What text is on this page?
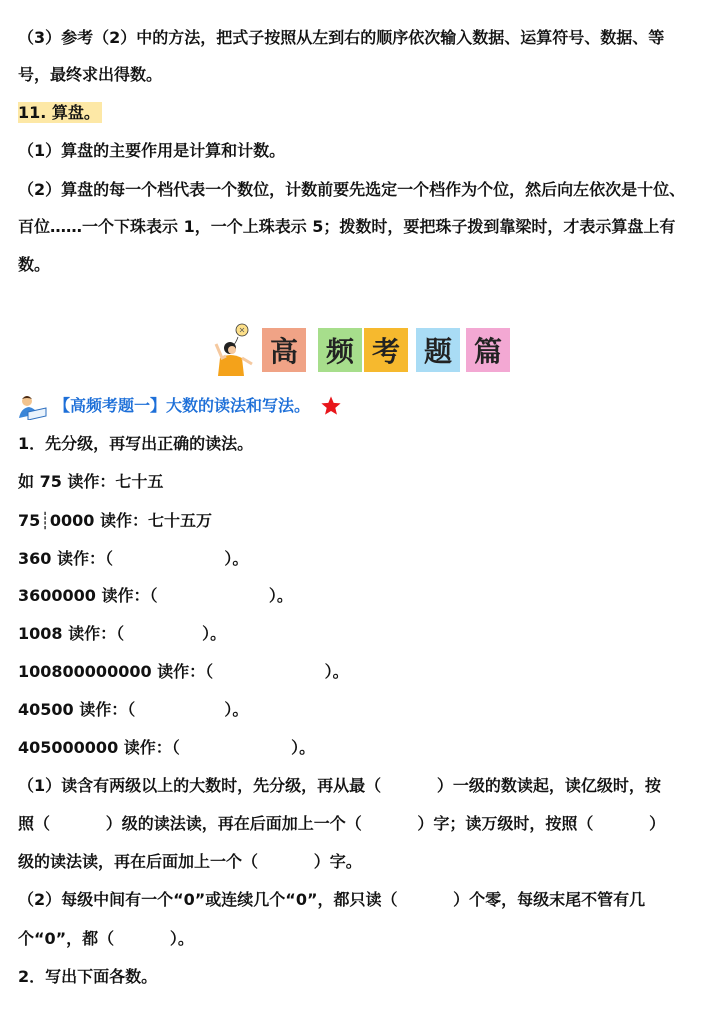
（3）参考（2）中的方法，把式子按照从左到右的顺序依次输入数据、运算符号、数据、等
号，最终求出得数。
11. 算盘。
（1）算盘的主要作用是计算和计数。
（2）算盘的每一个档代表一个数位，计数前要先选定一个档作为个位，然后向左依次是十位、
百位……一个下珠表示 1，一个上珠表示 5；拨数时，要把珠子拨到靠梁时，才表示算盘上有
数。
高 频 考 题 篇
【高频考题一】大数的读法和写法。
1．先分级，再写出正确的读法。
如 75 读作：七十五
75┊0000 读作：七十五万
360 读作：（                    ）。
3600000 读作：（                    ）。
1008 读作：（              ）。
100800000000 读作：（                    ）。
40500 读作：（                ）。
405000000 读作：（                    ）。
（1）读含有两级以上的大数时，先分级，再从最（          ）一级的数读起，读亿级时，按
照（          ）级的读法读，再在后面加上一个（          ）字；读万级时，按照（          ）
级的读法读，再在后面加上一个（          ）字。
（2）每级中间有一个“0”或连续几个“0”，都只读（          ）个零，每级末尾不管有几
个“0”，都（          ）。
2．写出下面各数。
